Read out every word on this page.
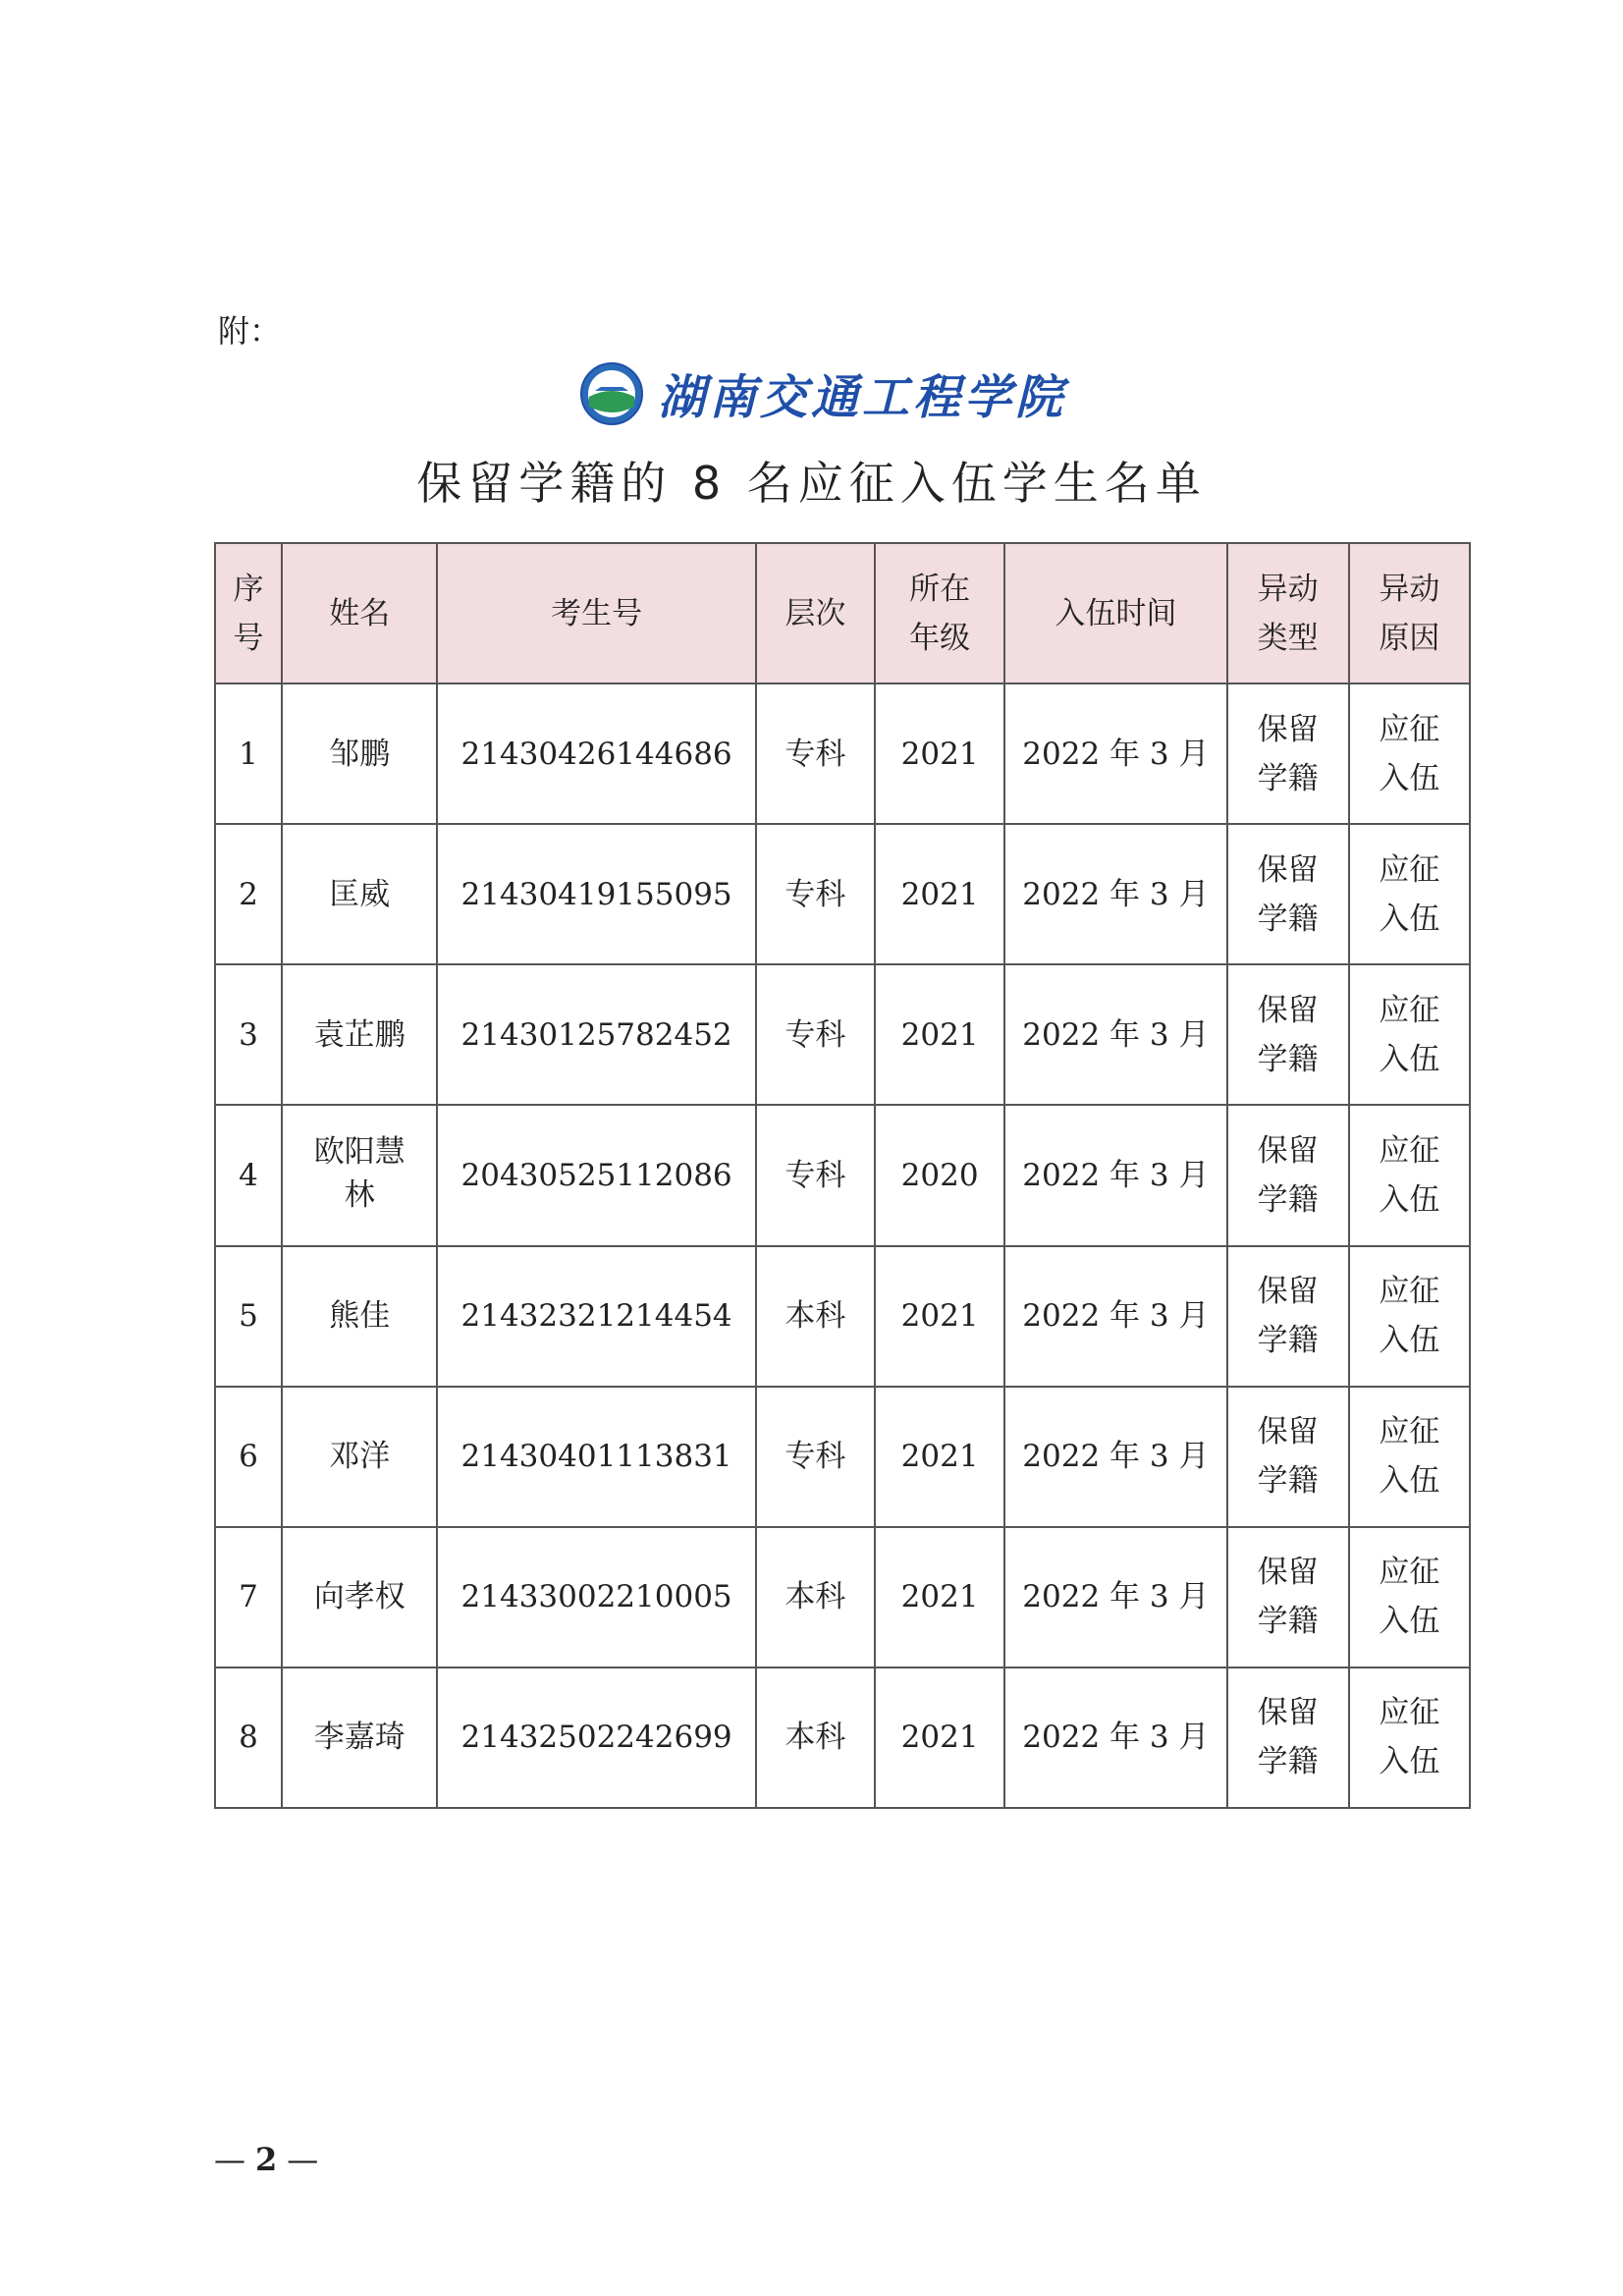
附：
湖南交通工程学院
保留学籍的 8 名应征入伍学生名单
序号	姓名	考生号	层次	所在年级	入伍时间	异动类型	异动原因
1	邹鹏	21430426144686	专科	2021	2022 年 3 月	保留学籍	应征入伍
2	匡威	21430419155095	专科	2021	2022 年 3 月	保留学籍	应征入伍
3	袁芷鹏	21430125782452	专科	2021	2022 年 3 月	保留学籍	应征入伍
4	欧阳慧林	20430525112086	专科	2020	2022 年 3 月	保留学籍	应征入伍
5	熊佳	21432321214454	本科	2021	2022 年 3 月	保留学籍	应征入伍
6	邓洋	21430401113831	专科	2021	2022 年 3 月	保留学籍	应征入伍
7	向孝权	21433002210005	本科	2021	2022 年 3 月	保留学籍	应征入伍
8	李嘉琦	21432502242699	本科	2021	2022 年 3 月	保留学籍	应征入伍
— 2 —
